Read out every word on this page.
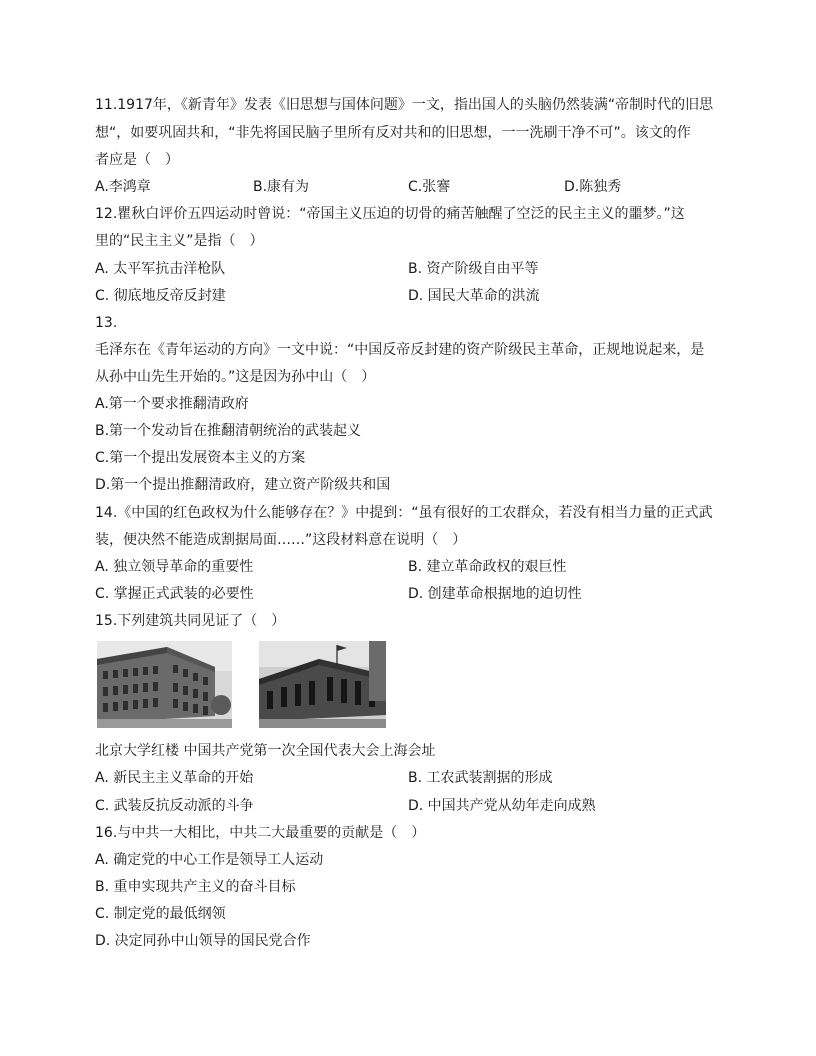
11.1917年，《新青年》发表《旧思想与国体问题》一文，指出国人的头脑仍然装满“帝制时代的旧思
想“，如要巩固共和，“非先将国民脑子里所有反对共和的旧思想，一一洗刷干净不可”。该文的作
者应是（　）
A.李鸿章	B.康有为	C.张謇	D.陈独秀
12.瞿秋白评价五四运动时曾说：“帝国主义压迫的切骨的痛苦触醒了空泛的民主主义的噩梦。”这
里的“民主主义”是指（　）
A. 太平军抗击洋枪队	B. 资产阶级自由平等
C. 彻底地反帝反封建	D. 国民大革命的洪流
13.
毛泽东在《青年运动的方向》一文中说：“中国反帝反封建的资产阶级民主革命，正规地说起来，是
从孙中山先生开始的。”这是因为孙中山（　）
A.第一个要求推翻清政府
B.第一个发动旨在推翻清朝统治的武装起义
C.第一个提出发展资本主义的方案
D.第一个提出推翻清政府，建立资产阶级共和国
14.《中国的红色政权为什么能够存在？》中提到：“虽有很好的工农群众，若没有相当力量的正式武
装，便决然不能造成割据局面……”这段材料意在说明（　）
A. 独立领导革命的重要性	B. 建立革命政权的艰巨性
C. 掌握正式武装的必要性	D. 创建革命根据地的迫切性
15.下列建筑共同见证了（　）
北京大学红楼 中国共产党第一次全国代表大会上海会址
A. 新民主主义革命的开始	B. 工农武装割据的形成
C. 武装反抗反动派的斗争	D. 中国共产党从幼年走向成熟
16.与中共一大相比，中共二大最重要的贡献是（　）
A. 确定党的中心工作是领导工人运动
B. 重申实现共产主义的奋斗目标
C. 制定党的最低纲领
D. 决定同孙中山领导的国民党合作
